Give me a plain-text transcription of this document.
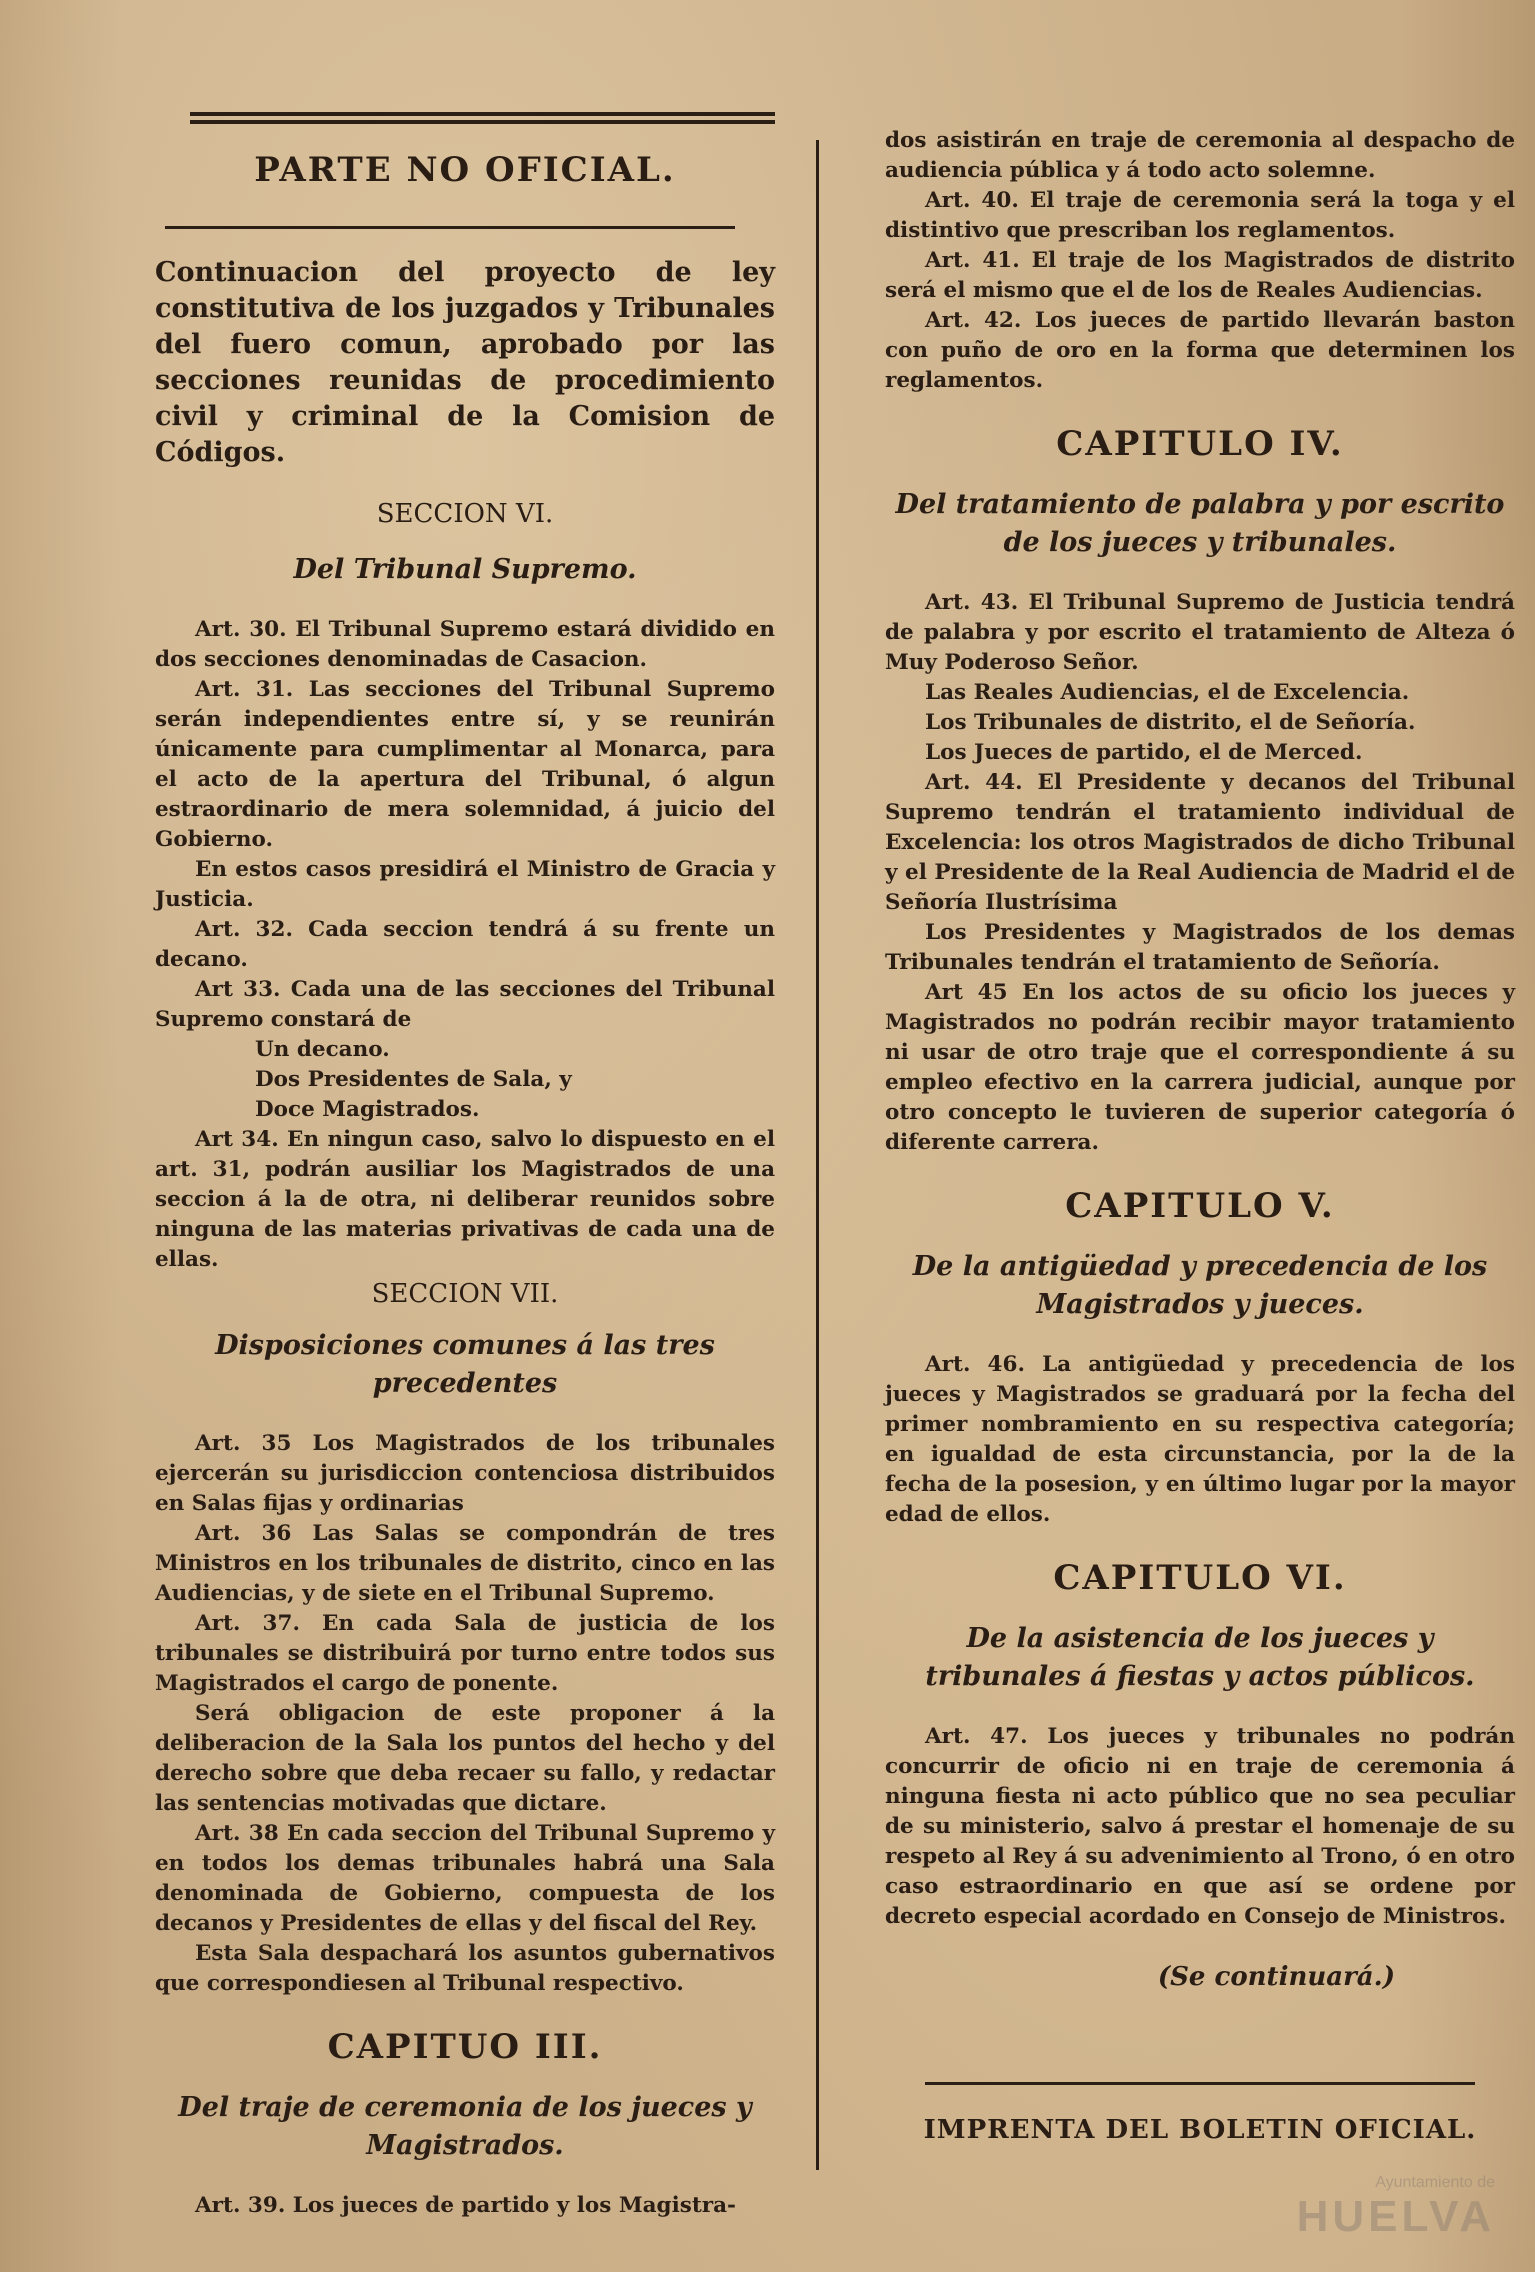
PARTE NO OFICIAL.

Continuacion del proyecto de ley constitutiva de los juzgados y Tribunales del fuero comun, aprobado por las secciones reunidas de procedimiento civil y criminal de la Comision de Códigos.

SECCION VI.
Del Tribunal Supremo.

Art. 30. El Tribunal Supremo estará dividido en dos secciones denominadas de Casacion.

Art. 31. Las secciones del Tribunal Supremo serán independientes entre sí, y se reunirán únicamente para cumplimentar al Monarca, para el acto de la apertura del Tribunal, ó algun estraordinario de mera solemnidad, á juicio del Gobierno.

En estos casos presidirá el Ministro de Gracia y Justicia.

Art. 32. Cada seccion tendrá á su frente un decano.

Art 33. Cada una de las secciones del Tribunal Supremo constará de

Un decano.

Dos Presidentes de Sala, y

Doce Magistrados.

Art 34. En ningun caso, salvo lo dispuesto en el art. 31, podrán ausiliar los Magistrados de una seccion á la de otra, ni deliberar reunidos sobre ninguna de las materias privativas de cada una de ellas.

SECCION VII.
Disposiciones comunes á las tres precedentes

Art. 35 Los Magistrados de los tribunales ejercerán su jurisdiccion contenciosa distribuidos en Salas fijas y ordinarias

Art. 36 Las Salas se compondrán de tres Ministros en los tribunales de distrito, cinco en las Audiencias, y de siete en el Tribunal Supremo.

Art. 37. En cada Sala de justicia de los tribunales se distribuirá por turno entre todos sus Magistrados el cargo de ponente.

Será obligacion de este proponer á la deliberacion de la Sala los puntos del hecho y del derecho sobre que deba recaer su fallo, y redactar las sentencias motivadas que dictare.

Art. 38 En cada seccion del Tribunal Supremo y en todos los demas tribunales habrá una Sala denominada de Gobierno, compuesta de los decanos y Presidentes de ellas y del fiscal del Rey.

Esta Sala despachará los asuntos gubernativos que correspondiesen al Tribunal respectivo.

CAPITUO III.
Del traje de ceremonia de los jueces y Magistrados.

Art. 39. Los jueces de partido y los Magistra-

dos asistirán en traje de ceremonia al despacho de audiencia pública y á todo acto solemne.

Art. 40. El traje de ceremonia será la toga y el distintivo que prescriban los reglamentos.

Art. 41. El traje de los Magistrados de distrito será el mismo que el de los de Reales Audiencias.

Art. 42. Los jueces de partido llevarán baston con puño de oro en la forma que determinen los reglamentos.

CAPITULO IV.
Del tratamiento de palabra y por escrito de los jueces y tribunales.

Art. 43. El Tribunal Supremo de Justicia tendrá de palabra y por escrito el tratamiento de Alteza ó Muy Poderoso Señor.

Las Reales Audiencias, el de Excelencia.

Los Tribunales de distrito, el de Señoría.

Los Jueces de partido, el de Merced.

Art. 44. El Presidente y decanos del Tribunal Supremo tendrán el tratamiento individual de Excelencia: los otros Magistrados de dicho Tribunal y el Presidente de la Real Audiencia de Madrid el de Señoría Ilustrísima

Los Presidentes y Magistrados de los demas Tribunales tendrán el tratamiento de Señoría.

Art 45 En los actos de su oficio los jueces y Magistrados no podrán recibir mayor tratamiento ni usar de otro traje que el correspondiente á su empleo efectivo en la carrera judicial, aunque por otro concepto le tuvieren de superior categoría ó diferente carrera.

CAPITULO V.
De la antigüedad y precedencia de los Magistrados y jueces.

Art. 46. La antigüedad y precedencia de los jueces y Magistrados se graduará por la fecha del primer nombramiento en su respectiva categoría; en igualdad de esta circunstancia, por la de la fecha de la posesion, y en último lugar por la mayor edad de ellos.

CAPITULO VI.
De la asistencia de los jueces y tribunales á fiestas y actos públicos.

Art. 47. Los jueces y tribunales no podrán concurrir de oficio ni en traje de ceremonia á ninguna fiesta ni acto público que no sea peculiar de su ministerio, salvo á prestar el homenaje de su respeto al Rey á su advenimiento al Trono, ó en otro caso estraordinario en que así se ordene por decreto especial acordado en Consejo de Ministros.

(Se continuará.)
IMPRENTA DEL BOLETIN OFICIAL.
Ayuntamiento de
HUELVA
